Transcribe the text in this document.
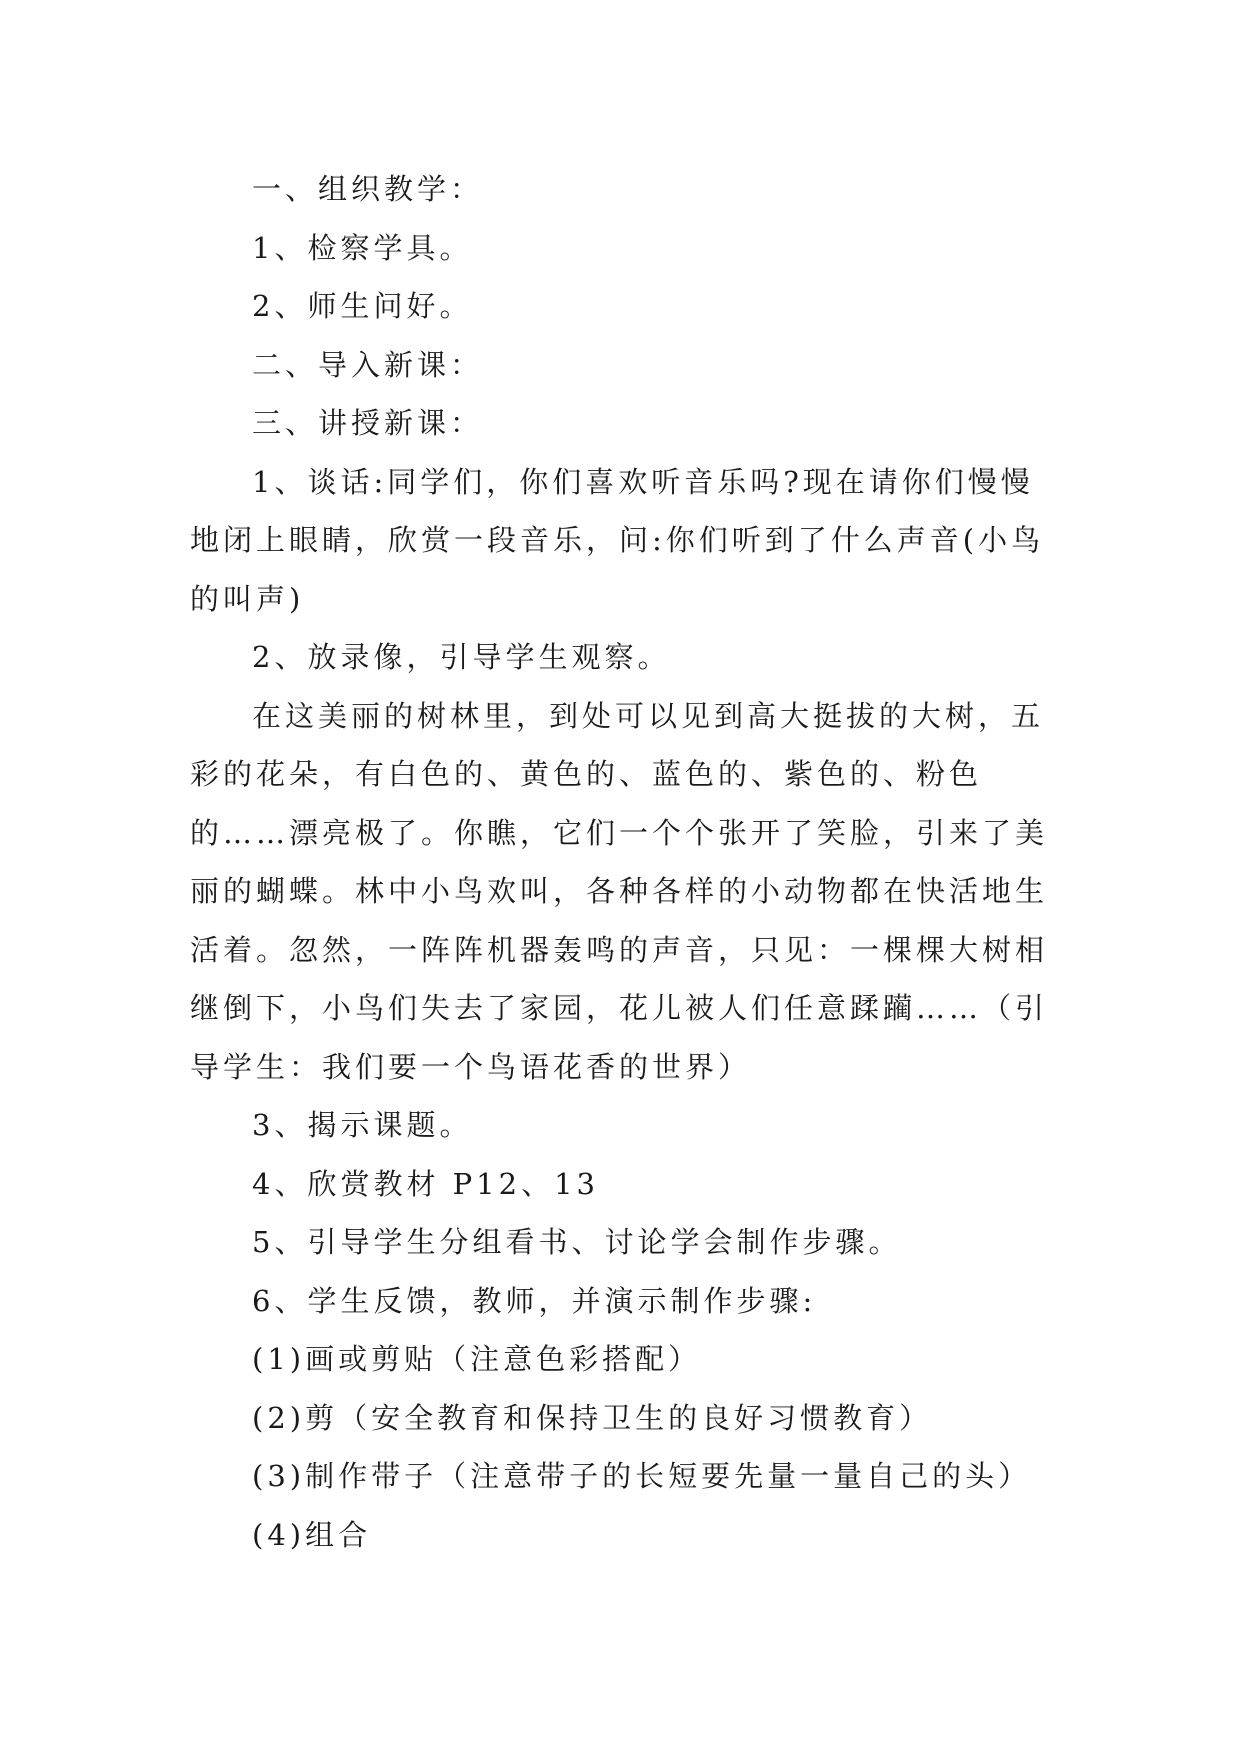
一、组织教学：

1、检察学具。

2、师生问好。

二、导入新课：

三、讲授新课：

1、谈话:同学们，你们喜欢听音乐吗?现在请你们慢慢地闭上眼睛，欣赏一段音乐，问:你们听到了什么声音(小鸟的叫声)

2、放录像，引导学生观察。

在这美丽的树林里，到处可以见到高大挺拔的大树，五彩的花朵，有白色的、黄色的、蓝色的、紫色的、粉色的……漂亮极了。你瞧，它们一个个张开了笑脸，引来了美丽的蝴蝶。林中小鸟欢叫，各种各样的小动物都在快活地生活着。忽然，一阵阵机器轰鸣的声音，只见：一棵棵大树相继倒下，小鸟们失去了家园，花儿被人们任意蹂躏……（引导学生：我们要一个鸟语花香的世界）

3、揭示课题。

4、欣赏教材 P12、13

5、引导学生分组看书、讨论学会制作步骤。

6、学生反馈，教师，并演示制作步骤:

(1)画或剪贴（注意色彩搭配）

(2)剪（安全教育和保持卫生的良好习惯教育）

(3)制作带子（注意带子的长短要先量一量自己的头）

(4)组合
